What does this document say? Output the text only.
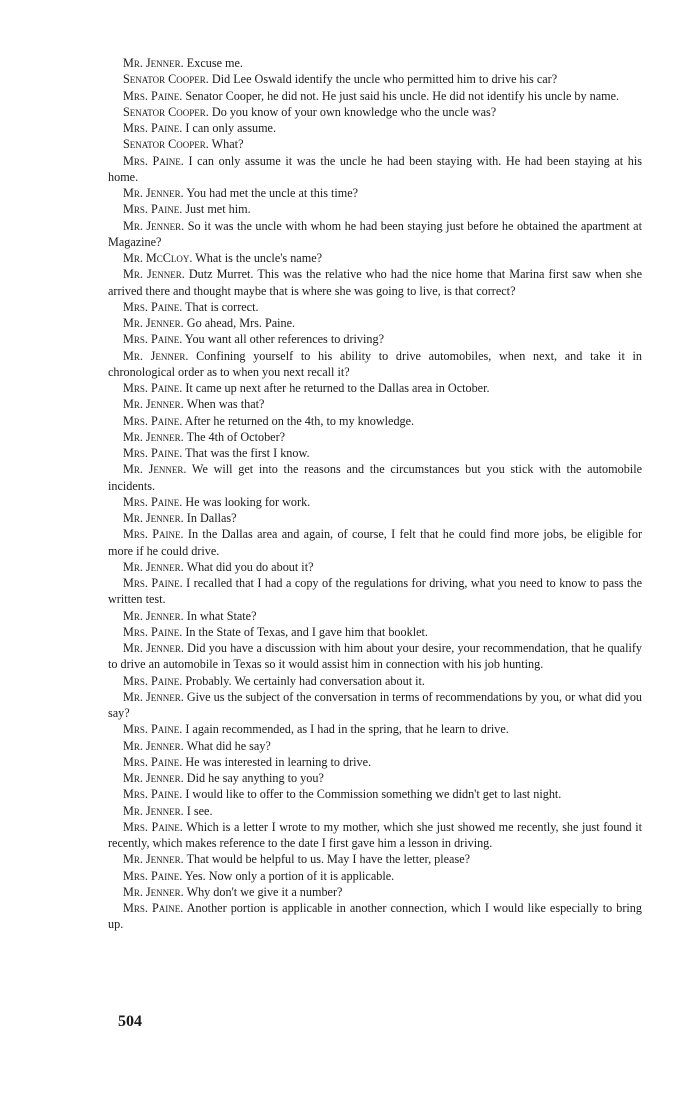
Mr. Jenner. Excuse me.

Senator Cooper. Did Lee Oswald identify the uncle who permitted him to drive his car?

Mrs. Paine. Senator Cooper, he did not. He just said his uncle. He did not identify his uncle by name.

Senator Cooper. Do you know of your own knowledge who the uncle was?

Mrs. Paine. I can only assume.

Senator Cooper. What?

Mrs. Paine. I can only assume it was the uncle he had been staying with. He had been staying at his home.

Mr. Jenner. You had met the uncle at this time?

Mrs. Paine. Just met him.

Mr. Jenner. So it was the uncle with whom he had been staying just before he obtained the apartment at Magazine?

Mr. McCloy. What is the uncle's name?

Mr. Jenner. Dutz Murret. This was the relative who had the nice home that Marina first saw when she arrived there and thought maybe that is where she was going to live, is that correct?

Mrs. Paine. That is correct.

Mr. Jenner. Go ahead, Mrs. Paine.

Mrs. Paine. You want all other references to driving?

Mr. Jenner. Confining yourself to his ability to drive automobiles, when next, and take it in chronological order as to when you next recall it?

Mrs. Paine. It came up next after he returned to the Dallas area in October.

Mr. Jenner. When was that?

Mrs. Paine. After he returned on the 4th, to my knowledge.

Mr. Jenner. The 4th of October?

Mrs. Paine. That was the first I know.

Mr. Jenner. We will get into the reasons and the circumstances but you stick with the automobile incidents.

Mrs. Paine. He was looking for work.

Mr. Jenner. In Dallas?

Mrs. Paine. In the Dallas area and again, of course, I felt that he could find more jobs, be eligible for more if he could drive.

Mr. Jenner. What did you do about it?

Mrs. Paine. I recalled that I had a copy of the regulations for driving, what you need to know to pass the written test.

Mr. Jenner. In what State?

Mrs. Paine. In the State of Texas, and I gave him that booklet.

Mr. Jenner. Did you have a discussion with him about your desire, your recommendation, that he qualify to drive an automobile in Texas so it would assist him in connection with his job hunting.

Mrs. Paine. Probably. We certainly had conversation about it.

Mr. Jenner. Give us the subject of the conversation in terms of recommendations by you, or what did you say?

Mrs. Paine. I again recommended, as I had in the spring, that he learn to drive.

Mr. Jenner. What did he say?

Mrs. Paine. He was interested in learning to drive.

Mr. Jenner. Did he say anything to you?

Mrs. Paine. I would like to offer to the Commission something we didn't get to last night.

Mr. Jenner. I see.

Mrs. Paine. Which is a letter I wrote to my mother, which she just showed me recently, she just found it recently, which makes reference to the date I first gave him a lesson in driving.

Mr. Jenner. That would be helpful to us. May I have the letter, please?

Mrs. Paine. Yes. Now only a portion of it is applicable.

Mr. Jenner. Why don't we give it a number?

Mrs. Paine. Another portion is applicable in another connection, which I would like especially to bring up.

504
